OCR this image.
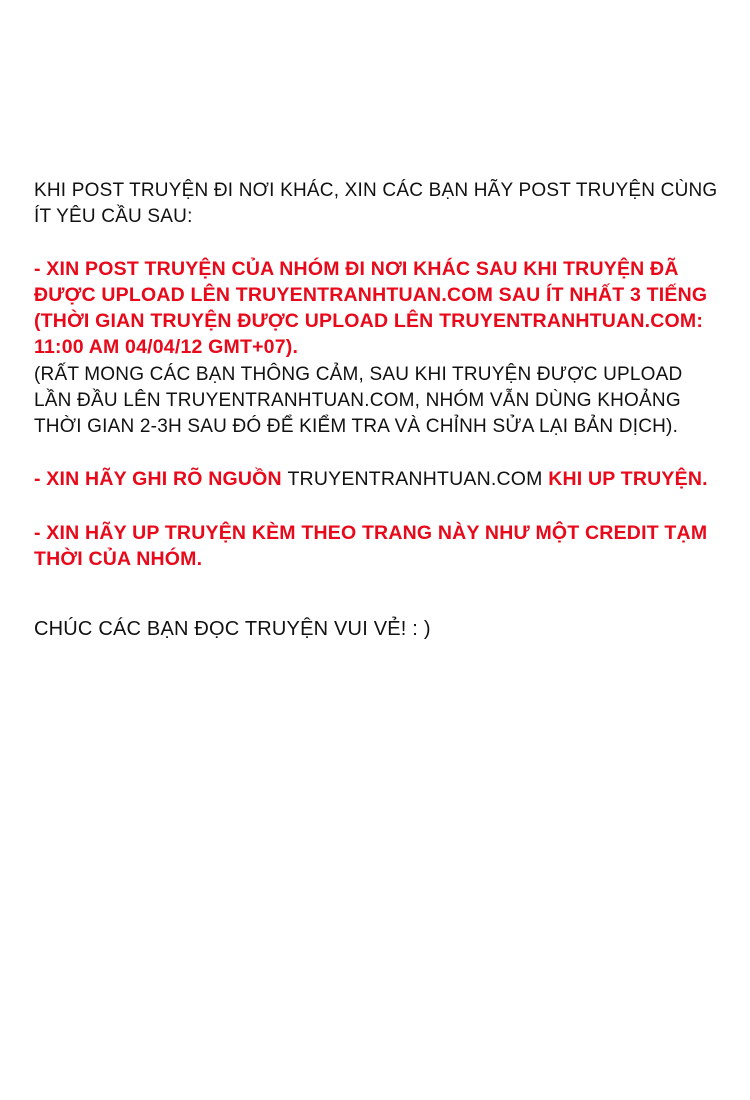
KHI POST TRUYỆN ĐI NƠI KHÁC, XIN CÁC BẠN HÃY POST TRUYỆN CÙNG ÍT YÊU CẦU SAU:

- XIN POST TRUYỆN CỦA NHÓM ĐI NƠI KHÁC SAU KHI TRUYỆN ĐÃ ĐƯỢC UPLOAD LÊN TRUYENTRANHTUAN.COM SAU ÍT NHẤT 3 TIẾNG (THỜI GIAN TRUYỆN ĐƯỢC UPLOAD LÊN TRUYENTRANHTUAN.COM: 11:00 AM 04/04/12 GMT+07).

(RẤT MONG CÁC BẠN THÔNG CẢM, SAU KHI TRUYỆN ĐƯỢC UPLOAD LẦN ĐẦU LÊN TRUYENTRANHTUAN.COM, NHÓM VẪN DÙNG KHOẢNG THỜI GIAN 2-3H SAU ĐÓ ĐỂ KIỂM TRA VÀ CHỈNH SỬA LẠI BẢN DỊCH).

- XIN HÃY GHI RÕ NGUỒN TRUYENTRANHTUAN.COM KHI UP TRUYỆN.

- XIN HÃY UP TRUYỆN KÈM THEO TRANG NÀY NHƯ MỘT CREDIT TẠM THỜI CỦA NHÓM.

CHÚC CÁC BẠN ĐỌC TRUYỆN VUI VẺ! : )
